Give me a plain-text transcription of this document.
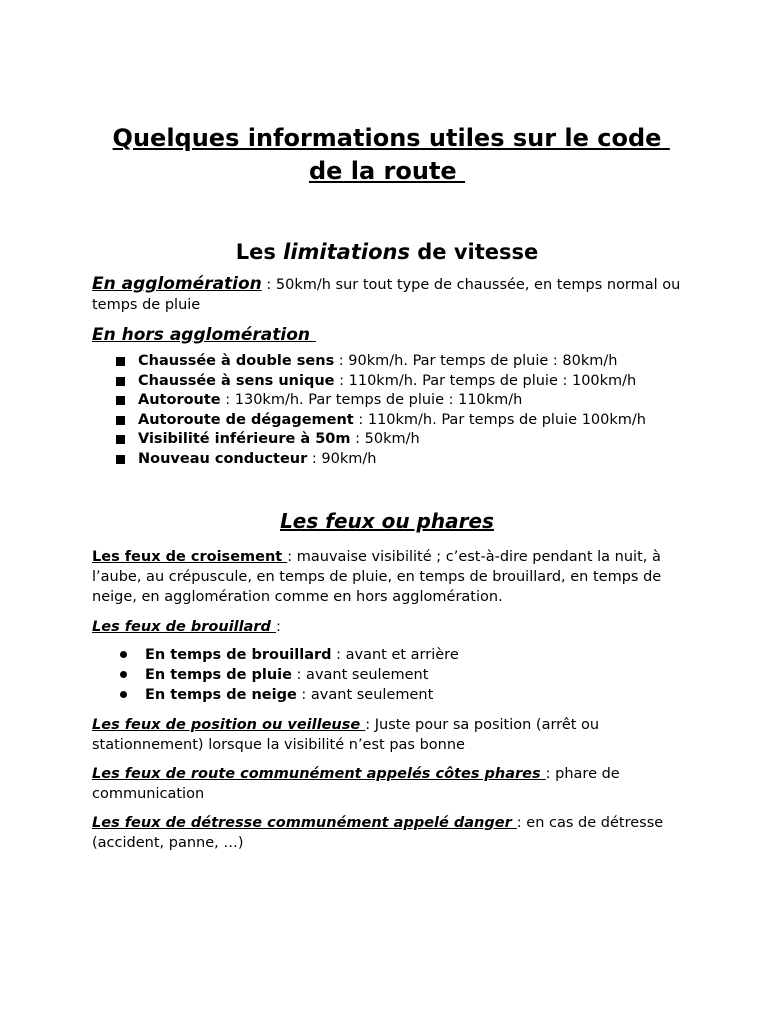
Quelques informations utiles sur le code de la route
Les limitations de vitesse

En agglomération : 50km/h sur tout type de chaussée, en temps normal ou temps de pluie

En hors agglomération

Chaussée à double sens : 90km/h. Par temps de pluie : 80km/h
Chaussée à sens unique : 110km/h. Par temps de pluie : 100km/h
Autoroute : 130km/h. Par temps de pluie : 110km/h
Autoroute de dégagement : 110km/h. Par temps de pluie 100km/h
Visibilité inférieure à 50m : 50km/h
Nouveau conducteur : 90km/h
Les feux ou phares

Les feux de croisement : mauvaise visibilité ; c’est-à-dire pendant la nuit, à l’aube, au crépuscule, en temps de pluie, en temps de brouillard, en temps de neige, en agglomération comme en hors agglomération.

Les feux de brouillard :

En temps de brouillard : avant et arrière
En temps de pluie : avant seulement
En temps de neige : avant seulement

Les feux de position ou veilleuse : Juste pour sa position (arrêt ou stationnement) lorsque la visibilité n’est pas bonne

Les feux de route communément appelés côtes phares : phare de communication

Les feux de détresse communément appelé danger : en cas de détresse (accident, panne, …)
